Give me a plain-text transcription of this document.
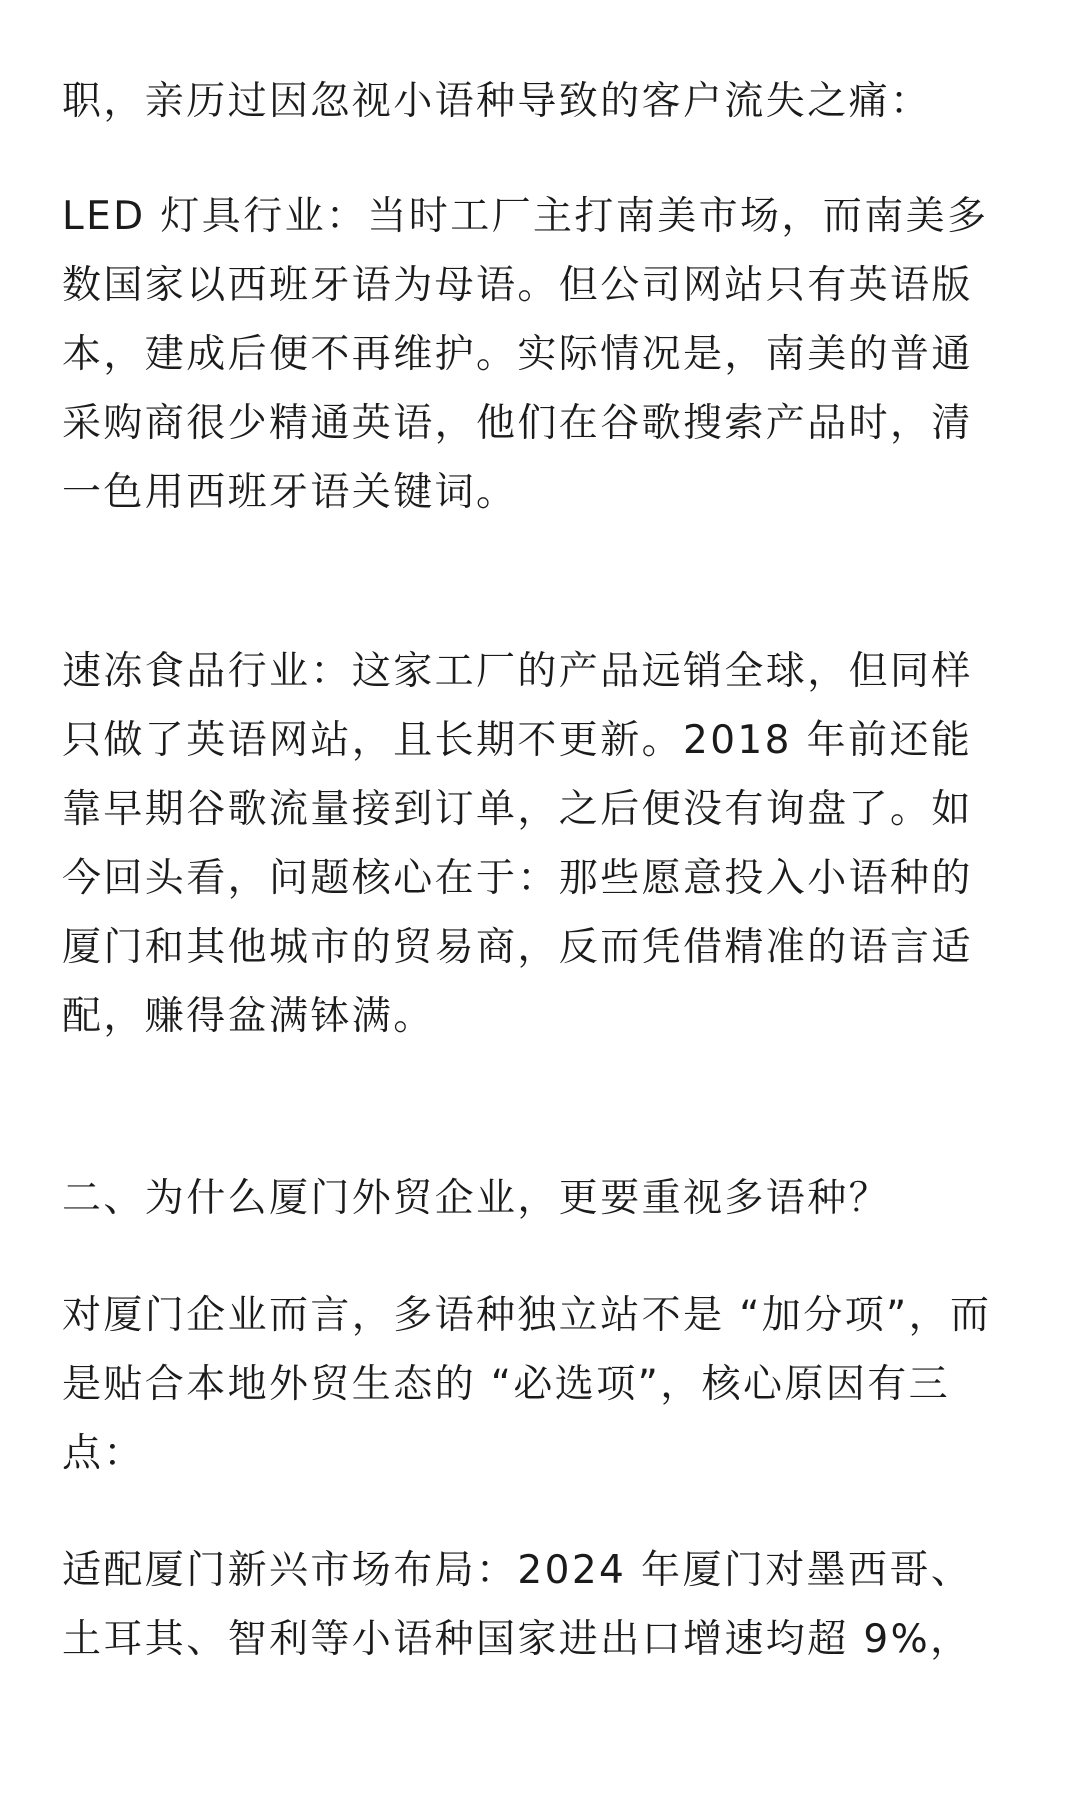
职，亲历过因忽视小语种导致的客户流失之痛：

LED 灯具行业：当时工厂主打南美市场，而南美多
数国家以西班牙语为母语。但公司网站只有英语版
本，建成后便不再维护。实际情况是，南美的普通
采购商很少精通英语，他们在谷歌搜索产品时，清
一色用西班牙语关键词。

速冻食品行业：这家工厂的产品远销全球，但同样
只做了英语网站，且长期不更新。2018 年前还能
靠早期谷歌流量接到订单，之后便没有询盘了。如
今回头看，问题核心在于：那些愿意投入小语种的
厦门和其他城市的贸易商，反而凭借精准的语言适
配，赚得盆满钵满。

二、为什么厦门外贸企业，更要重视多语种？

对厦门企业而言，多语种独立站不是 “加分项”，而
是贴合本地外贸生态的 “必选项”，核心原因有三
点：

适配厦门新兴市场布局：2024 年厦门对墨西哥、
土耳其、智利等小语种国家进出口增速均超 9%，
